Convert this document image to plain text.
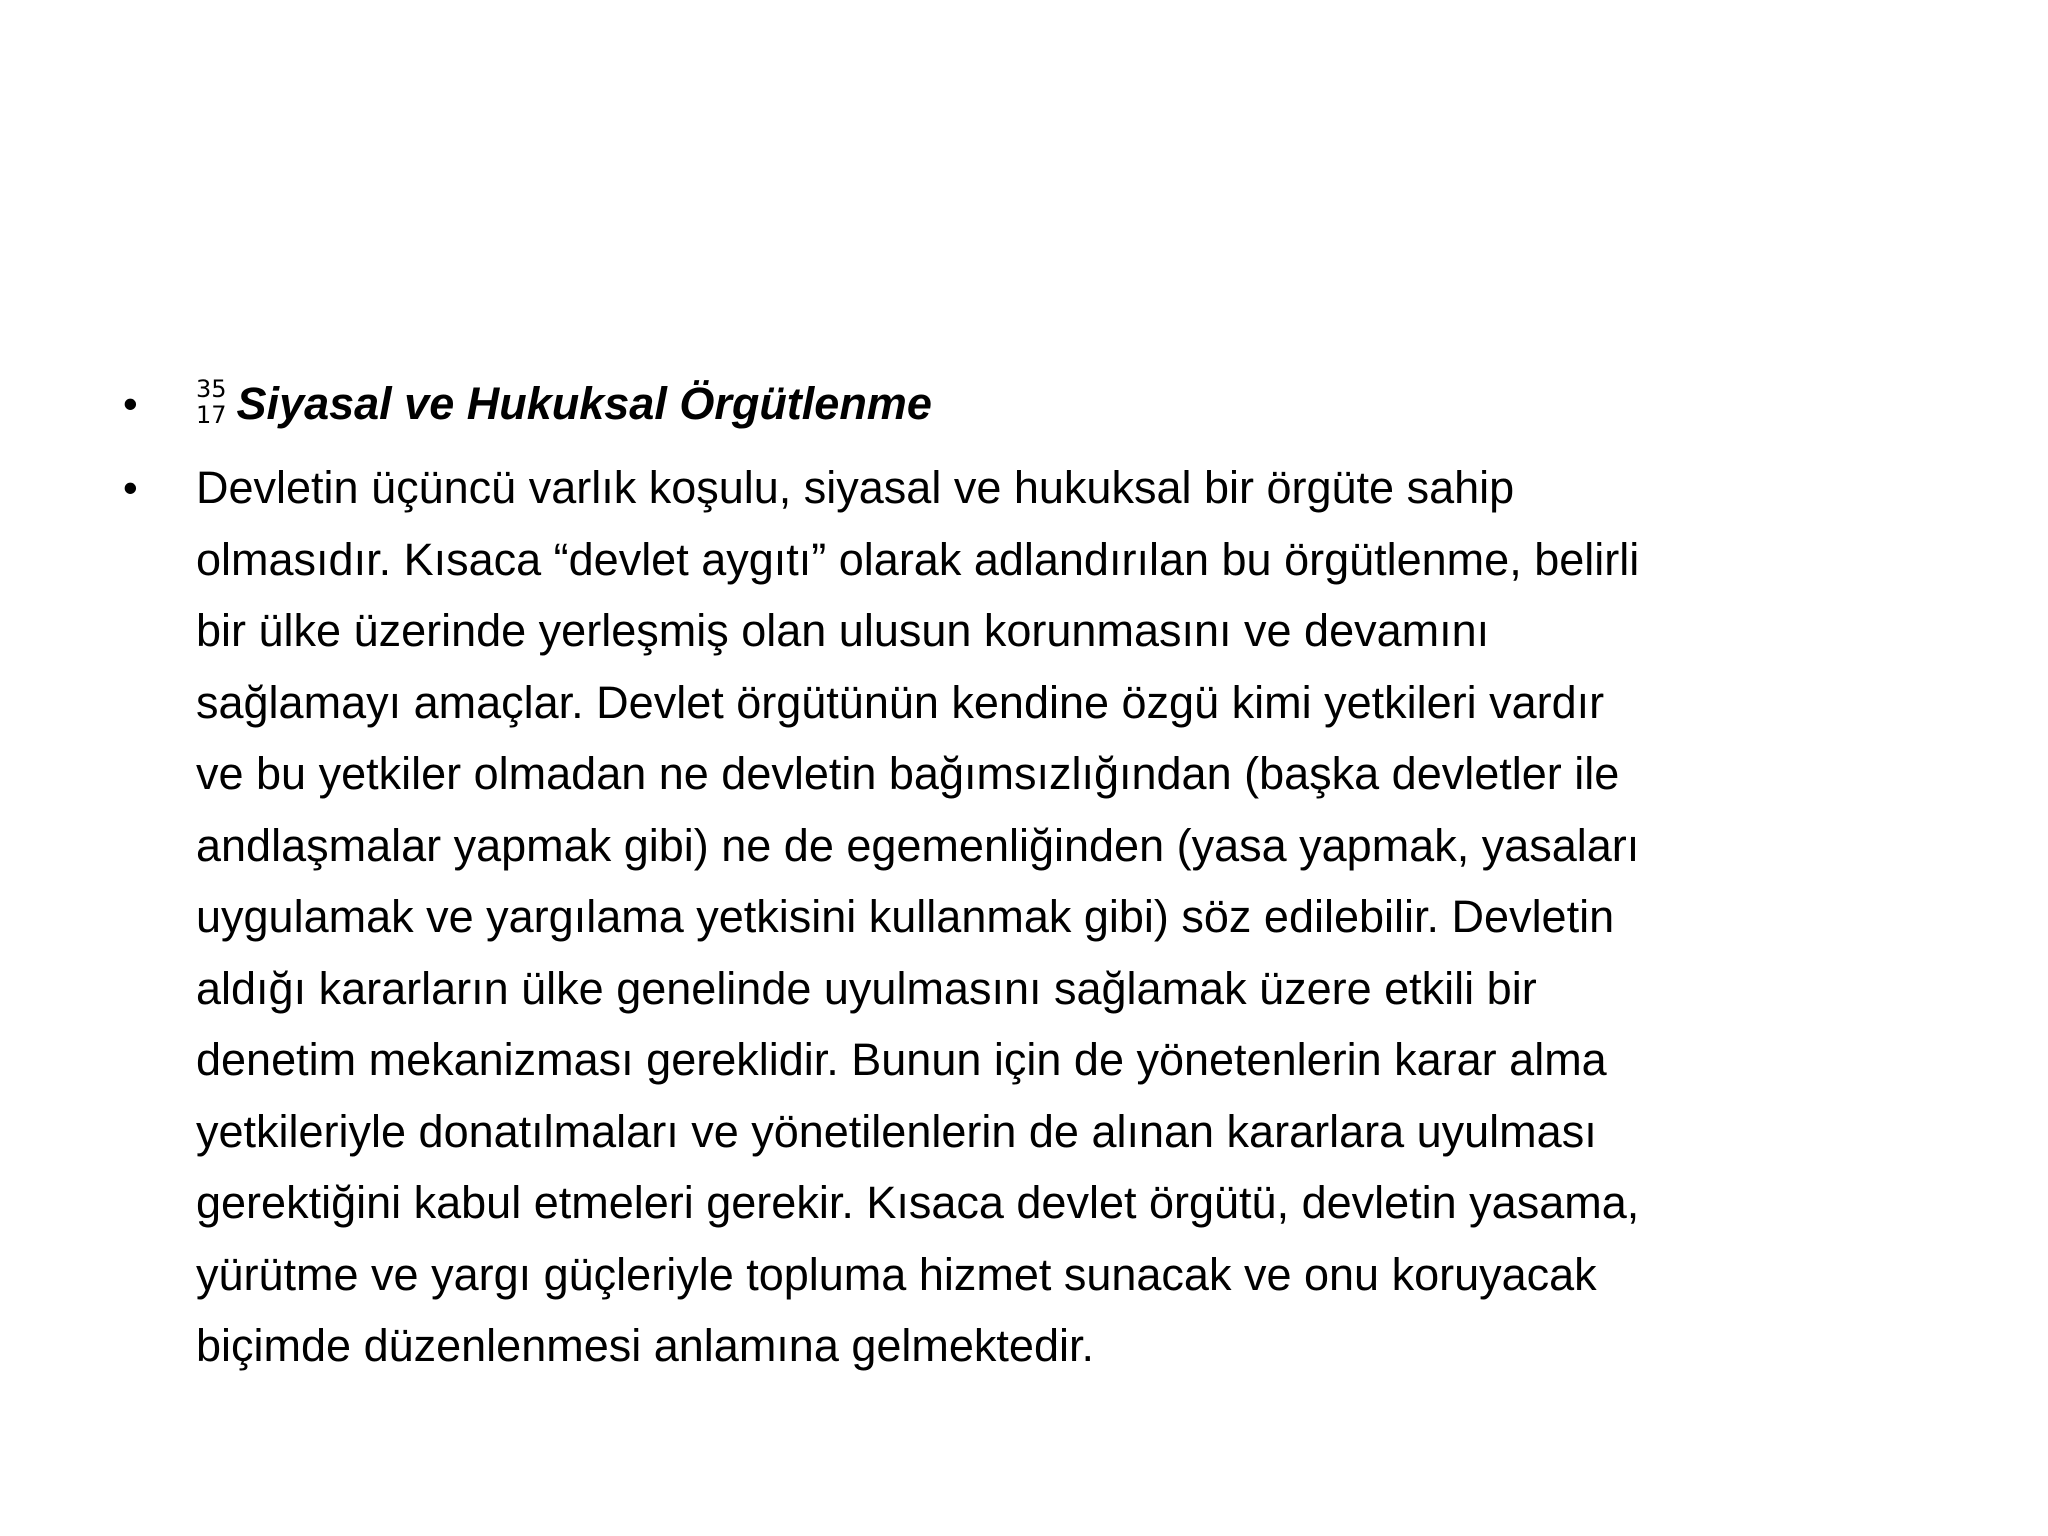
• 35
17 Siyasal ve Hukuksal Örgütlenme
• Devletin üçüncü varlık koşulu, siyasal ve hukuksal bir örgüte sahip
olmasıdır. Kısaca “devlet aygıtı” olarak adlandırılan bu örgütlenme, belirli
bir ülke üzerinde yerleşmiş olan ulusun korunmasını ve devamını
sağlamayı amaçlar. Devlet örgütünün kendine özgü kimi yetkileri vardır
ve bu yetkiler olmadan ne devletin bağımsızlığından (başka devletler ile
andlaşmalar yapmak gibi) ne de egemenliğinden (yasa yapmak, yasaları
uygulamak ve yargılama yetkisini kullanmak gibi) söz edilebilir. Devletin
aldığı kararların ülke genelinde uyulmasını sağlamak üzere etkili bir
denetim mekanizması gereklidir. Bunun için de yönetenlerin karar alma
yetkileriyle donatılmaları ve yönetilenlerin de alınan kararlara uyulması
gerektiğini kabul etmeleri gerekir. Kısaca devlet örgütü, devletin yasama,
yürütme ve yargı güçleriyle topluma hizmet sunacak ve onu koruyacak
biçimde düzenlenmesi anlamına gelmektedir.
